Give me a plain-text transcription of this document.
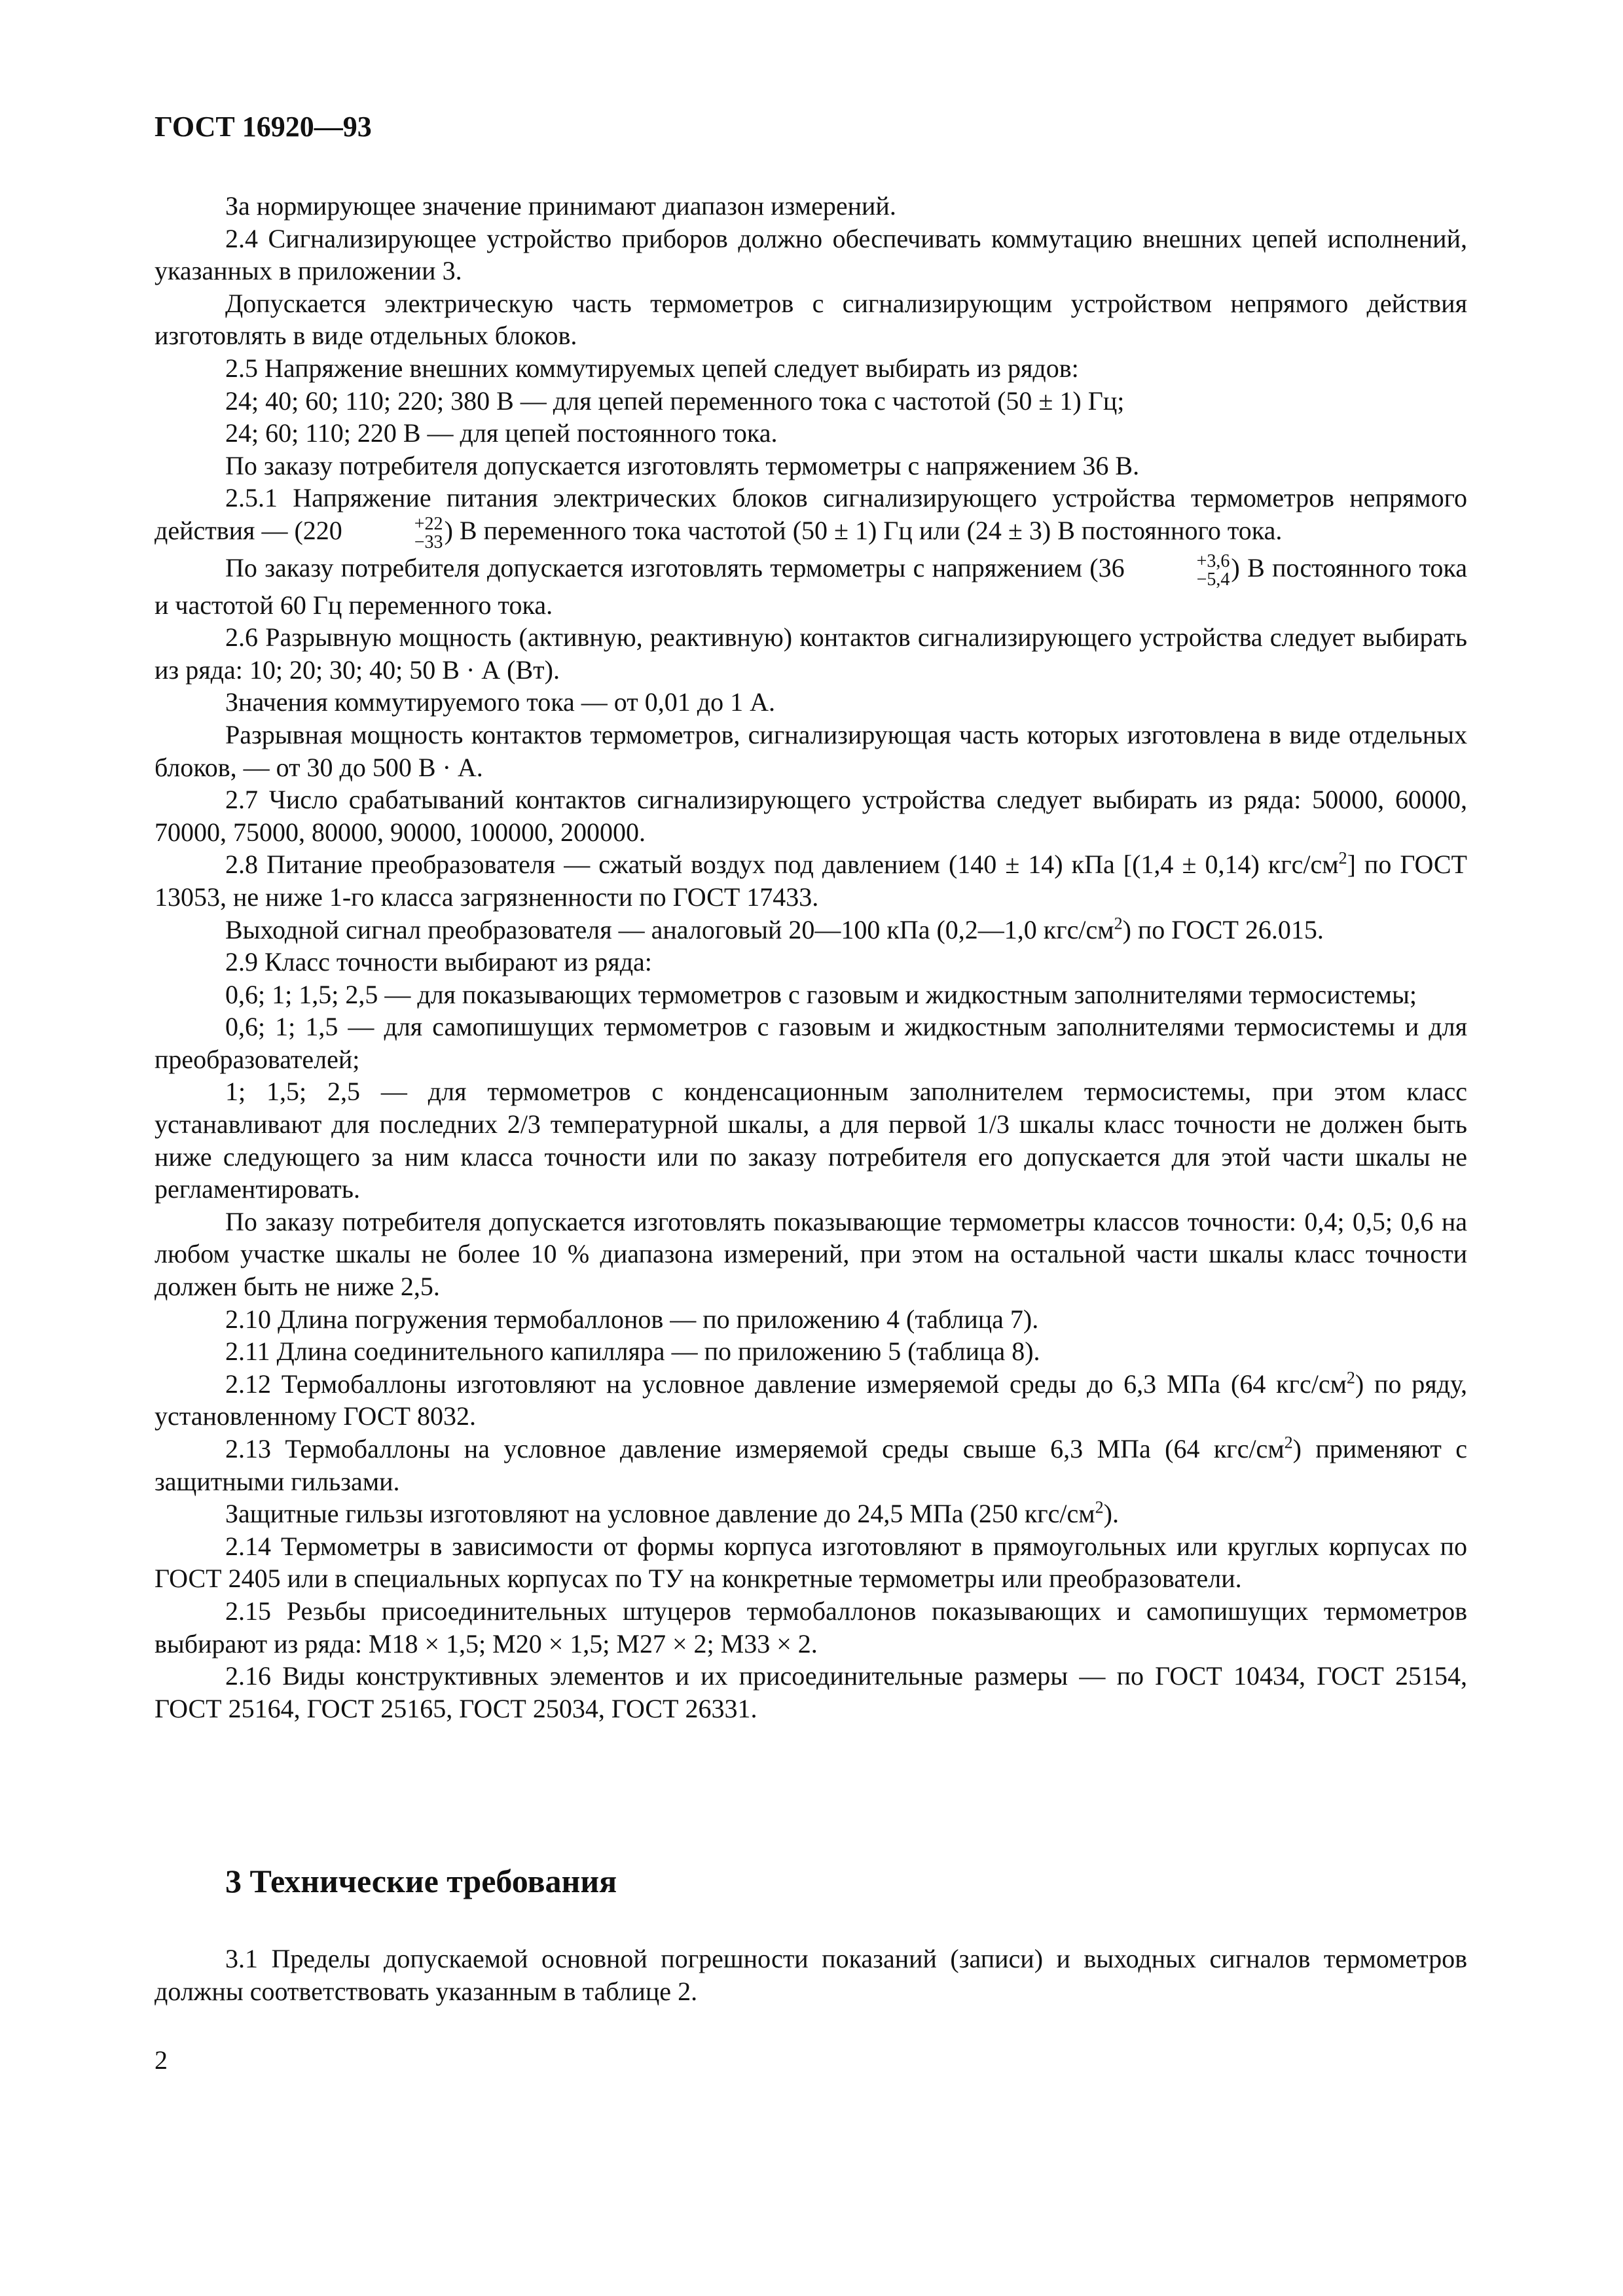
ГОСТ 16920—93

За нормирующее значение принимают диапазон измерений.

2.4 Сигнализирующее устройство приборов должно обеспечивать коммутацию внешних цепей исполнений, указанных в приложении 3.

Допускается электрическую часть термометров с сигнализирующим устройством непрямого действия изготовлять в виде отдельных блоков.

2.5 Напряжение внешних коммутируемых цепей следует выбирать из рядов:

24; 40; 60; 110; 220; 380 В — для цепей переменного тока с частотой (50 ± 1) Гц;

24; 60; 110; 220 В — для цепей постоянного тока.

По заказу потребителя допускается изготовлять термометры с напряжением 36 В.

2.5.1 Напряжение питания электрических блоков сигнализирующего устройства термометров непрямого действия — (220	+22
−33 ) В переменного тока частотой (50 ± 1) Гц или (24 ± 3) В постоянного тока.

По заказу потребителя допускается изготовлять термометры с напряжением (36	+3,6
−5,4 ) В постоянного тока и частотой 60 Гц переменного тока.

2.6 Разрывную мощность (активную, реактивную) контактов сигнализирующего устройства следует выбирать из ряда: 10; 20; 30; 40; 50 В · А (Вт).

Значения коммутируемого тока — от 0,01 до 1 А.

Разрывная мощность контактов термометров, сигнализирующая часть которых изготовлена в виде отдельных блоков, — от 30 до 500 В · А.

2.7 Число срабатываний контактов сигнализирующего устройства следует выбирать из ряда: 50000, 60000, 70000, 75000, 80000, 90000, 100000, 200000.

2.8 Питание преобразователя — сжатый воздух под давлением (140 ± 14) кПа [(1,4 ± 0,14) кгс/$см^2$] по ГОСТ 13053, не ниже 1-го класса загрязненности по ГОСТ 17433.

Выходной сигнал преобразователя — аналоговый 20—100 кПа (0,2—1,0 кгс/$см^2$) по ГОСТ 26.015.

2.9 Класс точности выбирают из ряда:

0,6; 1; 1,5; 2,5 — для показывающих термометров с газовым и жидкостным заполнителями термосистемы;

0,6; 1; 1,5 — для самопишущих термометров с газовым и жидкостным заполнителями термосистемы и для преобразователей;

1; 1,5; 2,5 — для термометров с конденсационным заполнителем термосистемы, при этом класс устанавливают для последних 2/3 температурной шкалы, а для первой 1/3 шкалы класс точности не должен быть ниже следующего за ним класса точности или по заказу потребителя его допускается для этой части шкалы не регламентировать.

По заказу потребителя допускается изготовлять показывающие термометры классов точности: 0,4; 0,5; 0,6 на любом участке шкалы не более 10 % диапазона измерений, при этом на остальной части шкалы класс точности должен быть не ниже 2,5.

2.10 Длина погружения термобаллонов — по приложению 4 (таблица 7).

2.11 Длина соединительного капилляра — по приложению 5 (таблица 8).

2.12 Термобаллоны изготовляют на условное давление измеряемой среды до 6,3 МПа (64 кгс/$см^2$) по ряду, установленному ГОСТ 8032.

2.13 Термобаллоны на условное давление измеряемой среды свыше 6,3 МПа (64 кгс/$см^2$) применяют с защитными гильзами.

Защитные гильзы изготовляют на условное давление до 24,5 МПа (250 кгс/$см^2$).

2.14 Термометры в зависимости от формы корпуса изготовляют в прямоугольных или круглых корпусах по ГОСТ 2405 или в специальных корпусах по ТУ на конкретные термометры или преобразователи.

2.15 Резьбы присоединительных штуцеров термобаллонов показывающих и самопишущих термометров выбирают из ряда: М18 × 1,5; М20 × 1,5; М27 × 2; М33 × 2.

2.16 Виды конструктивных элементов и их присоединительные размеры — по ГОСТ 10434, ГОСТ 25154, ГОСТ 25164, ГОСТ 25165, ГОСТ 25034, ГОСТ 26331.

3 Технические требования

3.1 Пределы допускаемой основной погрешности показаний (записи) и выходных сигналов термометров должны соответствовать указанным в таблице 2.

2
